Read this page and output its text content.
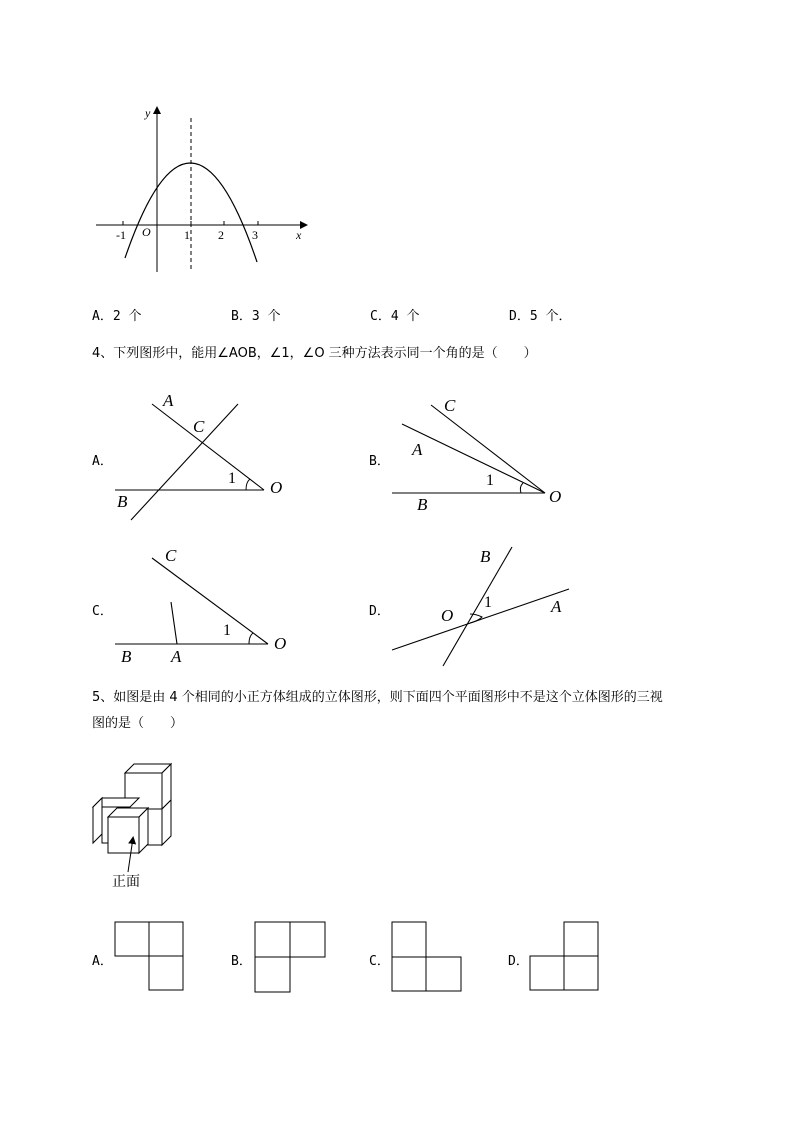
y
x
O
-1	1 2 3
A．2 个	B．3 个	C．4 个	D．5 个．
4、下列图形中，能用∠AOB，∠1，∠O 三种方法表示同一个角的是（　　）
A．
A
C
B
O
1
B．
C
A
B	O
1
C．
C
B A
O
1
D．
B
O
1	A
5、如图是由 4 个相同的小正方体组成的立体图形，则下面四个平面图形中不是这个立体图形的三视
图的是（　　）
正面
A．	B．	C．	D．
